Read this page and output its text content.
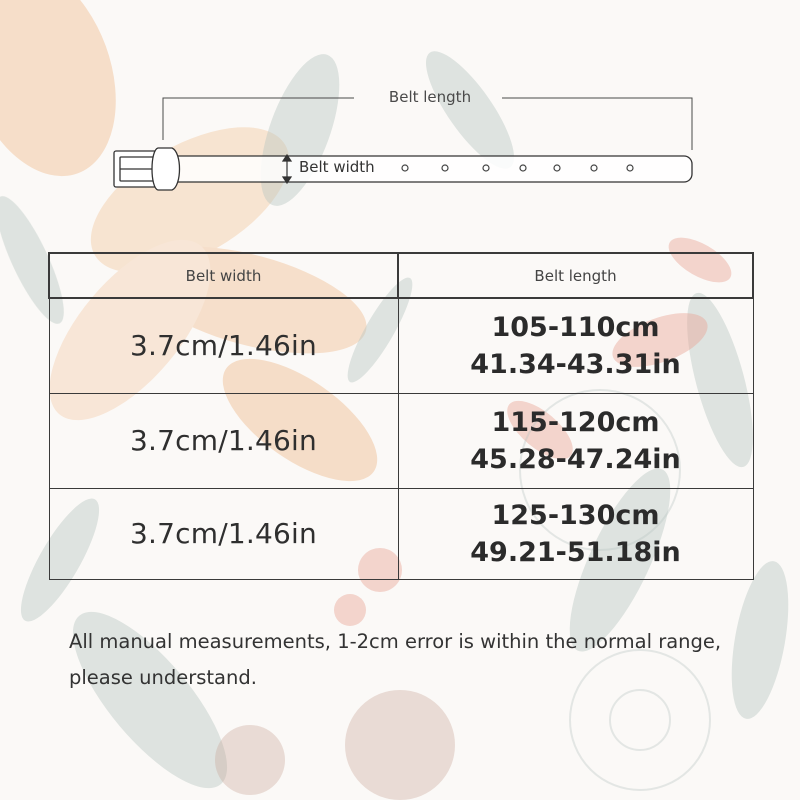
Belt length
Belt width
Belt width	Belt length
3.7cm/1.46in	105-110cm
41.34-43.31in

3.7cm/1.46in	115-120cm
45.28-47.24in

3.7cm/1.46in	125-130cm
49.21-51.18in
All manual measurements, 1-2cm error is within the normal range, please understand.
